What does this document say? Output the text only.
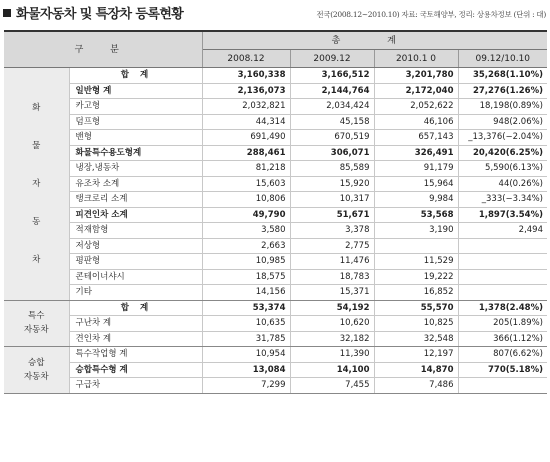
화물자동차 및 특장차 등록현황	전국(2008.12~2010.10) 자료: 국토해양부, 정리: 상용차정보 (단위 : 대)
구 분		총 계			
		2008.12	2009.12	2010.1 0	09.12/10.10

화
물
자
동
차	합 계	3,160,338	3,166,512	3,201,780	35,268(1.10%)
	일반형 계	2,136,073	2,144,764	2,172,040	27,276(1.26%)
	카고형	2,032,821	2,034,424	2,052,622	18,198(0.89%)
	덤프형	44,314	45,158	46,106	948(2.06%)
	밴형	691,490	670,519	657,143	_13,376(−2.04%)
	화물특수용도형계	288,461	306,071	326,491	20,420(6.25%)
	냉장,냉동차	81,218	85,589	91,179	5,590(6.13%)
	유조차 소계	15,603	15,920	15,964	44(0.26%)
	탱크로리 소계	10,806	10,317	9,984	_333(−3.34%)
	피견인차 소계	49,790	51,671	53,568	1,897(3.54%)
	적재함형	3,580	3,378	3,190	2,494
	저상형	2,663	2,775		
	평판형	10,985	11,476	11,529	
	콘테이너샤시	18,575	18,783	19,222	
	기타	14,156	15,371	16,852	

특수
자동차	합 계	53,374	54,192	55,570	1,378(2.48%)
	구난차 계	10,635	10,620	10,825	205(1.89%)
	견인차 계	31,785	32,182	32,548	366(1.12%)

승합
자동차	특수작업형 계	10,954	11,390	12,197	807(6.62%)
	승합특수형 계	13,084	14,100	14,870	770(5.18%)
	구급차	7,299	7,455	7,486	
